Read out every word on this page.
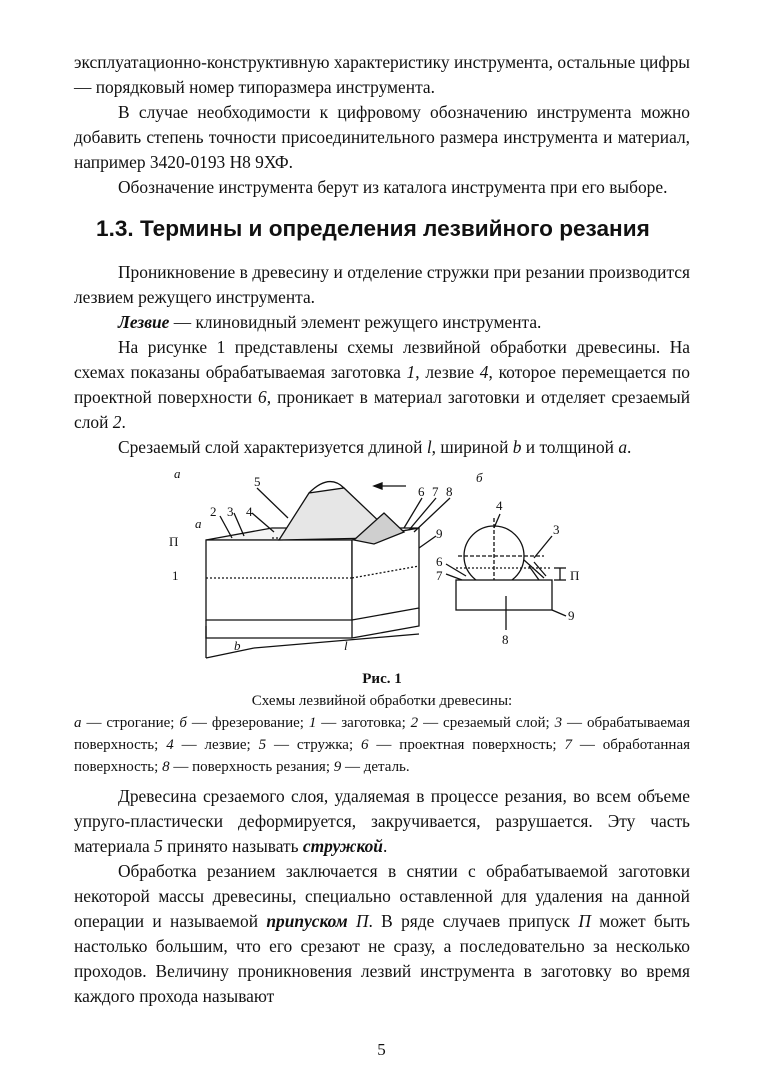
эксплуатационно-конструктивную характеристику инструмента, остальные цифры — порядковый номер типоразмера инструмента.

В случае необходимости к цифровому обозначению инструмента можно добавить степень точности присоединительного размера инструмента и материал, например 3420-0193 Н8 9ХФ.

Обозначение инструмента берут из каталога инструмента при его выборе.

1.3. Термины и определения лезвийного резания

Проникновение в древесину и отделение стружки при резании производится лезвием режущего инструмента.

Лезвие — клиновидный элемент режущего инструмента.

На рисунке 1 представлены схемы лезвийной обработки древесины. На схемах показаны обрабатываемая заготовка 1, лезвие 4, которое перемещается по проектной поверхности 6, проникает в материал заготовки и отделяет срезаемый слой 2.

Срезаемый слой характеризуется длиной l, шириной b и толщиной a.

а	б
5
2 3 4
а
П
1
6 7 8
9
b	l
4
3
6
7	П
9
8
Рис. 1
Схемы лезвийной обработки древесины:
а — строгание; б — фрезерование; 1 — заготовка; 2 — срезаемый слой; 3 — обрабатываемая поверхность; 4 — лезвие; 5 — стружка; 6 — проектная поверхность; 7 — обработанная поверхность; 8 — поверхность резания; 9 — деталь.

Древесина срезаемого слоя, удаляемая в процессе резания, во всем объеме упруго-пластически деформируется, закручивается, разрушается. Эту часть материала 5 принято называть стружкой.

Обработка резанием заключается в снятии с обрабатываемой заготовки некоторой массы древесины, специально оставленной для удаления на данной операции и называемой припуском П. В ряде случаев припуск П может быть настолько большим, что его срезают не сразу, а последовательно за несколько проходов. Величину проникновения лезвий инструмента в заготовку во время каждого прохода называют

5
